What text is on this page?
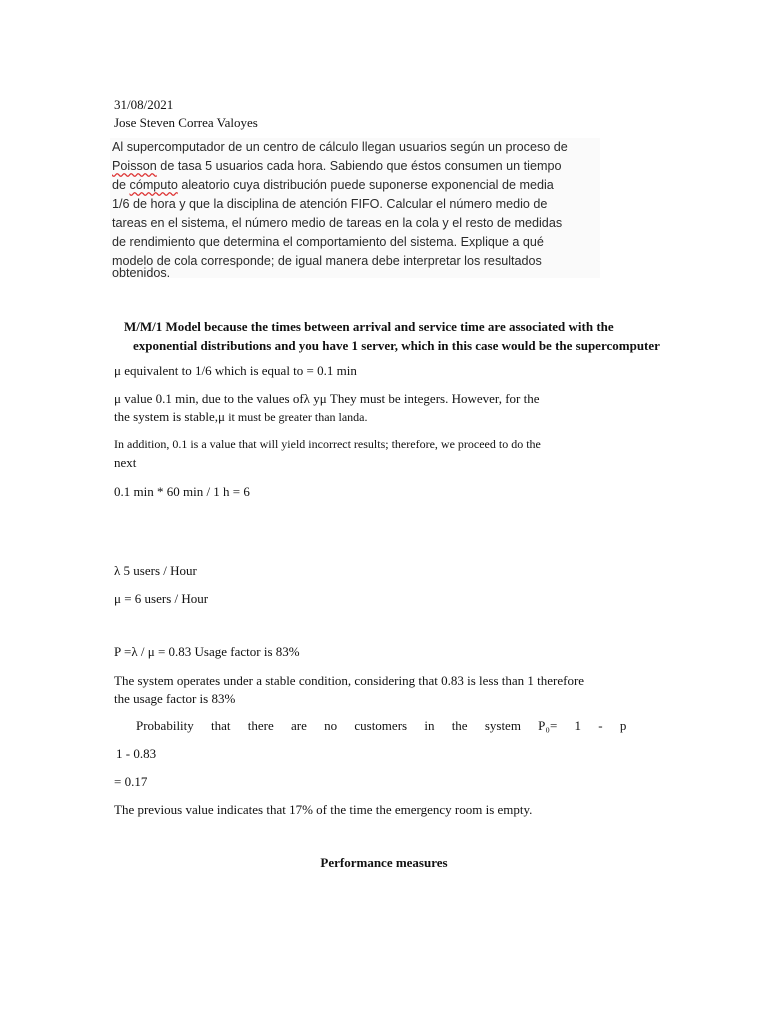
31/08/2021
Jose Steven Correa Valoyes
Al supercomputador de un centro de cálculo llegan usuarios según un proceso de
Poisson de tasa 5 usuarios cada hora. Sabiendo que éstos consumen un tiempo
de cómputo aleatorio cuya distribución puede suponerse exponencial de media
1/6 de hora y que la disciplina de atención FIFO. Calcular el número medio de
tareas en el sistema, el número medio de tareas en la cola y el resto de medidas
de rendimiento que determina el comportamiento del sistema. Explique a qué
modelo de cola corresponde; de igual manera debe interpretar los resultados
obtenidos.
M/M/1 Model because the times between arrival and service time are associated with the
exponential distributions and you have 1 server, which in this case would be the supercomputer
μ equivalent to 1/6 which is equal to = 0.1 min
μ value 0.1 min, due to the values ofλ yμ They must be integers. However, for the
the system is stable,μ it must be greater than landa.
In addition, 0.1 is a value that will yield incorrect results; therefore, we proceed to do the
next
0.1 min * 60 min / 1 h = 6
λ 5 users / Hour
μ = 6 users / Hour
P =λ / μ = 0.83 Usage factor is 83%
The system operates under a stable condition, considering that 0.83 is less than 1 therefore
the usage factor is 83%
Probability that there are no customers in the system P₀= 1 - p
1 - 0.83
= 0.17
The previous value indicates that 17% of the time the emergency room is empty.
Performance measures
